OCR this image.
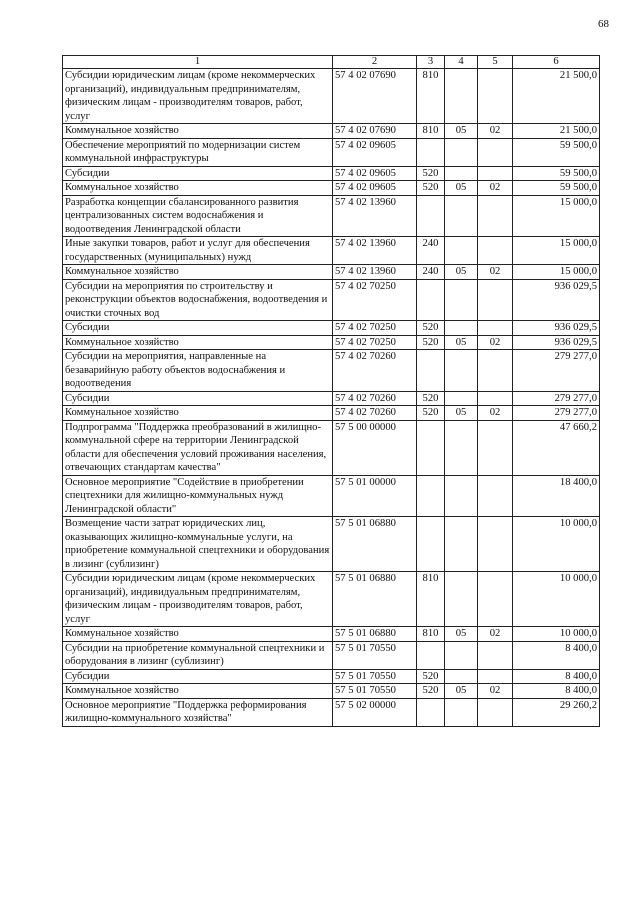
68
1	2	3	4	5	6
Субсидии юридическим лицам (кроме некоммерческих организаций), индивидуальным предпринимателям, физическим лицам - производителям товаров, работ, услуг	57 4 02 07690	810			21 500,0
Коммунальное хозяйство	57 4 02 07690	810	05	02	21 500,0
Обеспечение мероприятий по модернизации систем коммунальной инфраструктуры	57 4 02 09605				59 500,0
Субсидии	57 4 02 09605	520			59 500,0
Коммунальное хозяйство	57 4 02 09605	520	05	02	59 500,0
Разработка концепции сбалансированного развития централизованных систем водоснабжения и водоотведения Ленинградской области	57 4 02 13960				15 000,0
Иные закупки товаров, работ и услуг для обеспечения государственных (муниципальных) нужд	57 4 02 13960	240			15 000,0
Коммунальное хозяйство	57 4 02 13960	240	05	02	15 000,0
Субсидии на мероприятия по строительству и реконструкции объектов водоснабжения, водоотведения и очистки сточных вод	57 4 02 70250				936 029,5
Субсидии	57 4 02 70250	520			936 029,5
Коммунальное хозяйство	57 4 02 70250	520	05	02	936 029,5
Субсидии на мероприятия, направленные на безаварийную работу объектов водоснабжения и водоотведения	57 4 02 70260				279 277,0
Субсидии	57 4 02 70260	520			279 277,0
Коммунальное хозяйство	57 4 02 70260	520	05	02	279 277,0
Подпрограмма "Поддержка преобразований в жилищно-коммунальной сфере на территории Ленинградской области для обеспечения условий проживания населения, отвечающих стандартам качества"	57 5 00 00000				47 660,2
Основное мероприятие "Содействие в приобретении спецтехники для жилищно-коммунальных нужд Ленинградской области"	57 5 01 00000				18 400,0
Возмещение части затрат юридических лиц, оказывающих жилищно-коммунальные услуги, на приобретение коммунальной спецтехники и оборудования в лизинг (сублизинг)	57 5 01 06880				10 000,0
Субсидии юридическим лицам (кроме некоммерческих организаций), индивидуальным предпринимателям, физическим лицам - производителям товаров, работ, услуг	57 5 01 06880	810			10 000,0
Коммунальное хозяйство	57 5 01 06880	810	05	02	10 000,0
Субсидии на приобретение коммунальной спецтехники и оборудования в лизинг (сублизинг)	57 5 01 70550				8 400,0
Субсидии	57 5 01 70550	520			8 400,0
Коммунальное хозяйство	57 5 01 70550	520	05	02	8 400,0
Основное мероприятие "Поддержка реформирования жилищно-коммунального хозяйства"	57 5 02 00000				29 260,2
